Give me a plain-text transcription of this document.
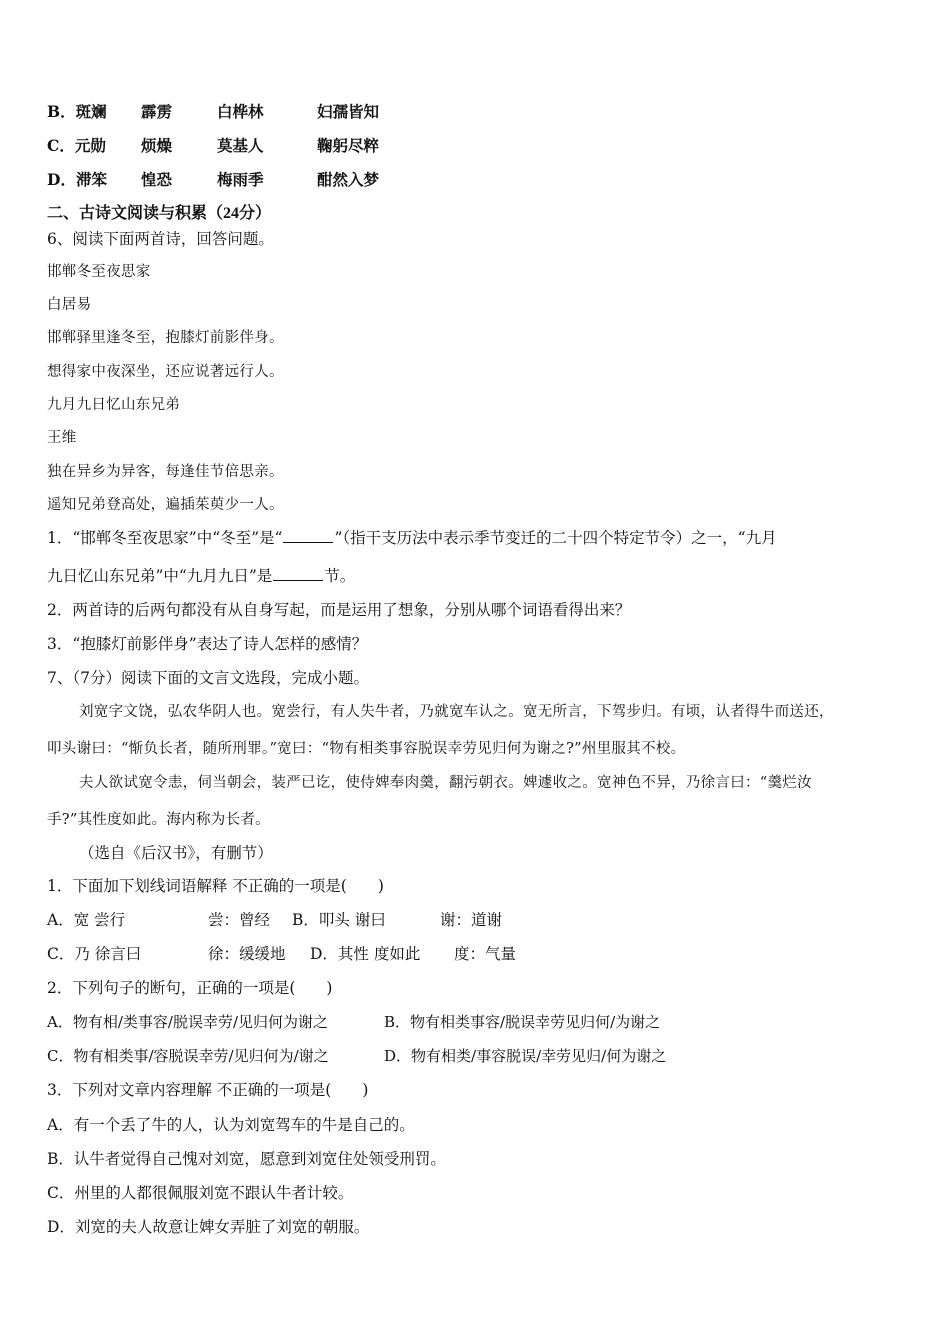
B．斑斓 霹雳	白桦林	妇孺皆知
C．元勋 烦燥	莫基人	鞠躬尽粹
D．滞笨 惶恐	梅雨季	酣然入梦
二、古诗文阅读与积累（24分）
6、阅读下面两首诗，回答问题。
邯郸冬至夜思家
白居易
邯郸驿里逢冬至，抱膝灯前影伴身。
想得家中夜深坐，还应说著远行人。
九月九日忆山东兄弟
王维
独在异乡为异客，每逢佳节倍思亲。
遥知兄弟登高处，遍插茱萸少一人。
1．“邯郸冬至夜思家”中“冬至”是“	”（指干支历法中表示季节变迁的二十四个特定节令）之一，“九月
九日忆山东兄弟”中“九月九日”是	节。
2．两首诗的后两句都没有从自身写起，而是运用了想象，分别从哪个词语看得出来？
3．“抱膝灯前影伴身”表达了诗人怎样的感情？
7、（7分）阅读下面的文言文选段，完成小题。
刘宽字文饶，弘农华阴人也。宽尝行，有人失牛者，乃就宽车认之。宽无所言，下驾步归。有顷，认者得牛而送还，
叩头谢曰：“惭负长者，随所刑罪。”宽曰：“物有相类事容脱误幸劳见归何为谢之?”州里服其不校。
夫人欲试宽令恚，伺当朝会，装严已讫，使侍婢奉肉羹，翻污朝衣。婢遽收之。宽神色不异，乃徐言曰：“羹烂汝
手?”其性度如此。海内称为长者。
（选自《后汉书》，有删节）
1．下面加下划线词语解释 不正确的一项是(　　)
A．宽 尝行	尝：曾经 B．叩头 谢曰	谢：道谢
C．乃 徐言曰	徐：缓缓地 D．其性 度如此 度：气量
2．下列句子的断句，正确的一项是(　　)
A．物有相/类事容/脱误幸劳/见归何为谢之	B．物有相类事容/脱误幸劳见归何/为谢之
C．物有相类事/容脱误幸劳/见归何为/谢之	D．物有相类/事容脱误/幸劳见归/何为谢之
3．下列对文章内容理解 不正确的一项是(　　)
A．有一个丢了牛的人，认为刘宽驾车的牛是自己的。
B．认牛者觉得自己愧对刘宽，愿意到刘宽住处领受刑罚。
C．州里的人都很佩服刘宽不跟认牛者计较。
D．刘宽的夫人故意让婢女弄脏了刘宽的朝服。
